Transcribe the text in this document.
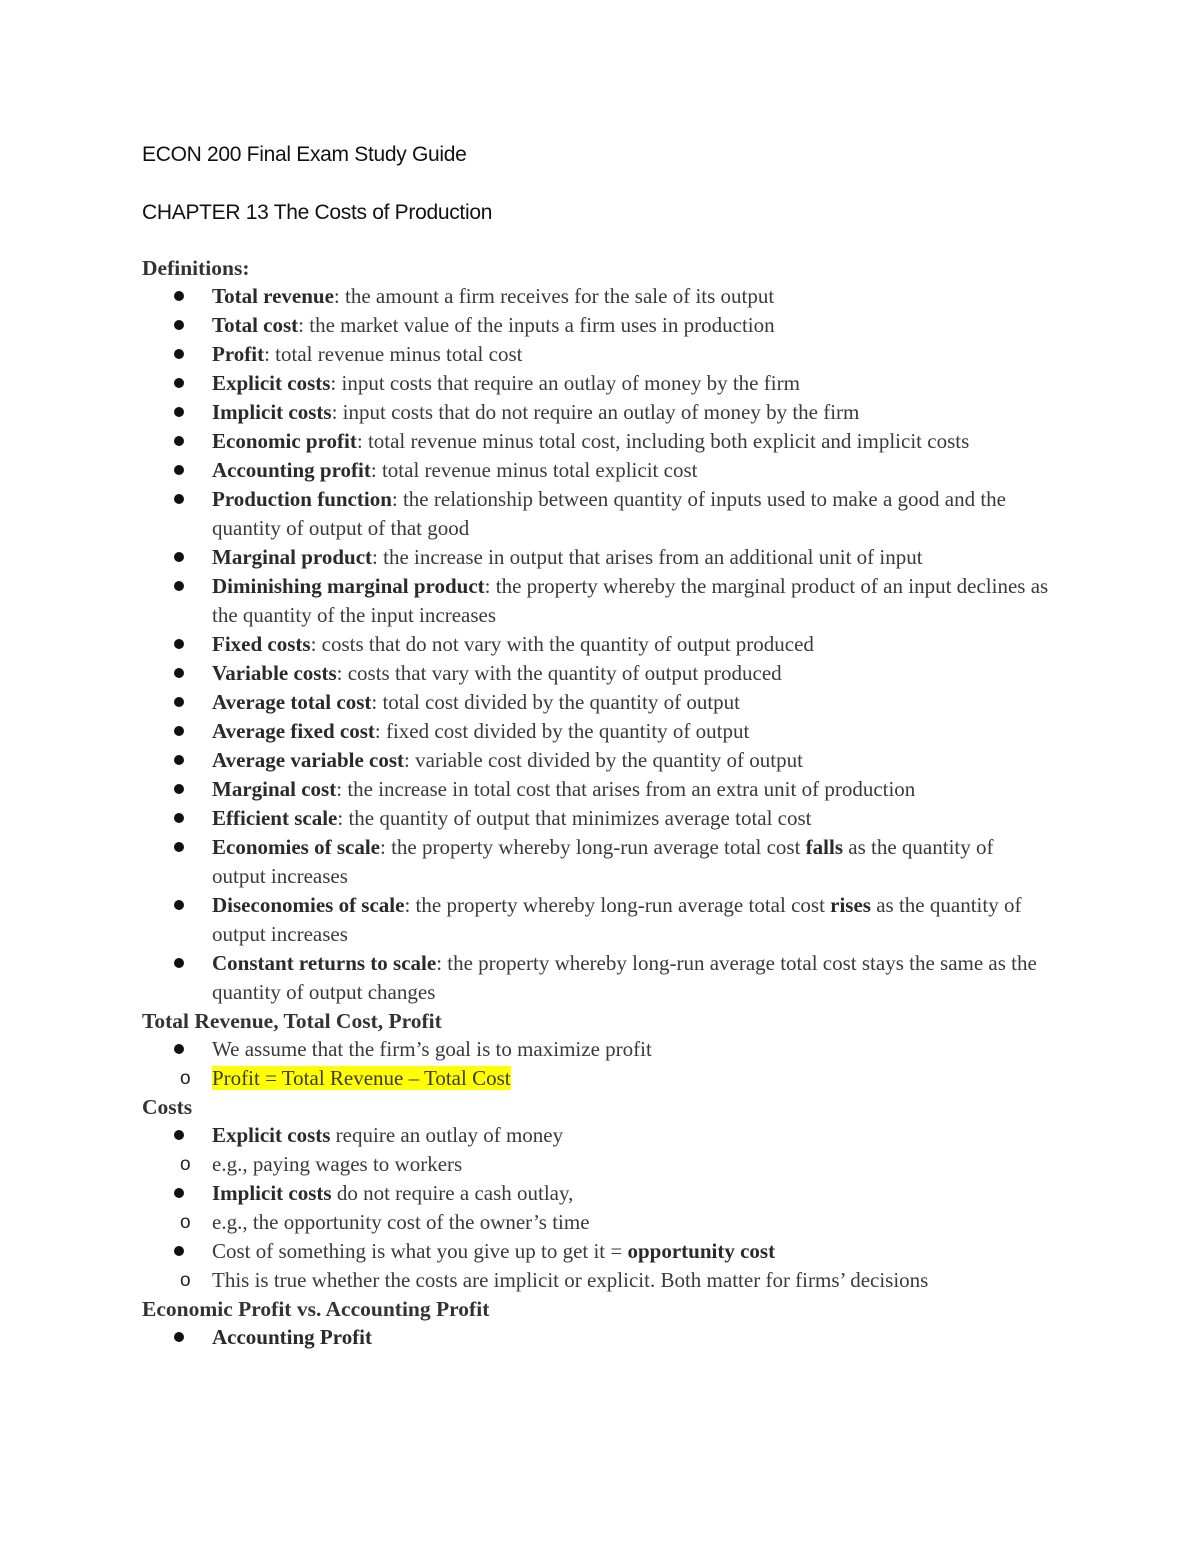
ECON 200 Final Exam Study Guide

CHAPTER 13 The Costs of Production

Definitions:

Total revenue: the amount a firm receives for the sale of its output
Total cost: the market value of the inputs a firm uses in production
Profit: total revenue minus total cost
Explicit costs: input costs that require an outlay of money by the firm
Implicit costs: input costs that do not require an outlay of money by the firm
Economic profit: total revenue minus total cost, including both explicit and implicit costs
Accounting profit: total revenue minus total explicit cost
Production function: the relationship between quantity of inputs used to make a good and the quantity of output of that good
Marginal product: the increase in output that arises from an additional unit of input
Diminishing marginal product: the property whereby the marginal product of an input declines as the quantity of the input increases
Fixed costs: costs that do not vary with the quantity of output produced
Variable costs: costs that vary with the quantity of output produced
Average total cost: total cost divided by the quantity of output
Average fixed cost: fixed cost divided by the quantity of output
Average variable cost: variable cost divided by the quantity of output
Marginal cost: the increase in total cost that arises from an extra unit of production
Efficient scale: the quantity of output that minimizes average total cost
Economies of scale: the property whereby long-run average total cost falls as the quantity of output increases
Diseconomies of scale: the property whereby long-run average total cost rises as the quantity of output increases
Constant returns to scale: the property whereby long-run average total cost stays the same as the quantity of output changes

Total Revenue, Total Cost, Profit

We assume that the firm’s goal is to maximize profit
o Profit = Total Revenue – Total Cost

Costs

Explicit costs require an outlay of money
o e.g., paying wages to workers
Implicit costs do not require a cash outlay,
o e.g., the opportunity cost of the owner’s time
Cost of something is what you give up to get it = opportunity cost
o This is true whether the costs are implicit or explicit. Both matter for firms’ decisions

Economic Profit vs. Accounting Profit

Accounting Profit
